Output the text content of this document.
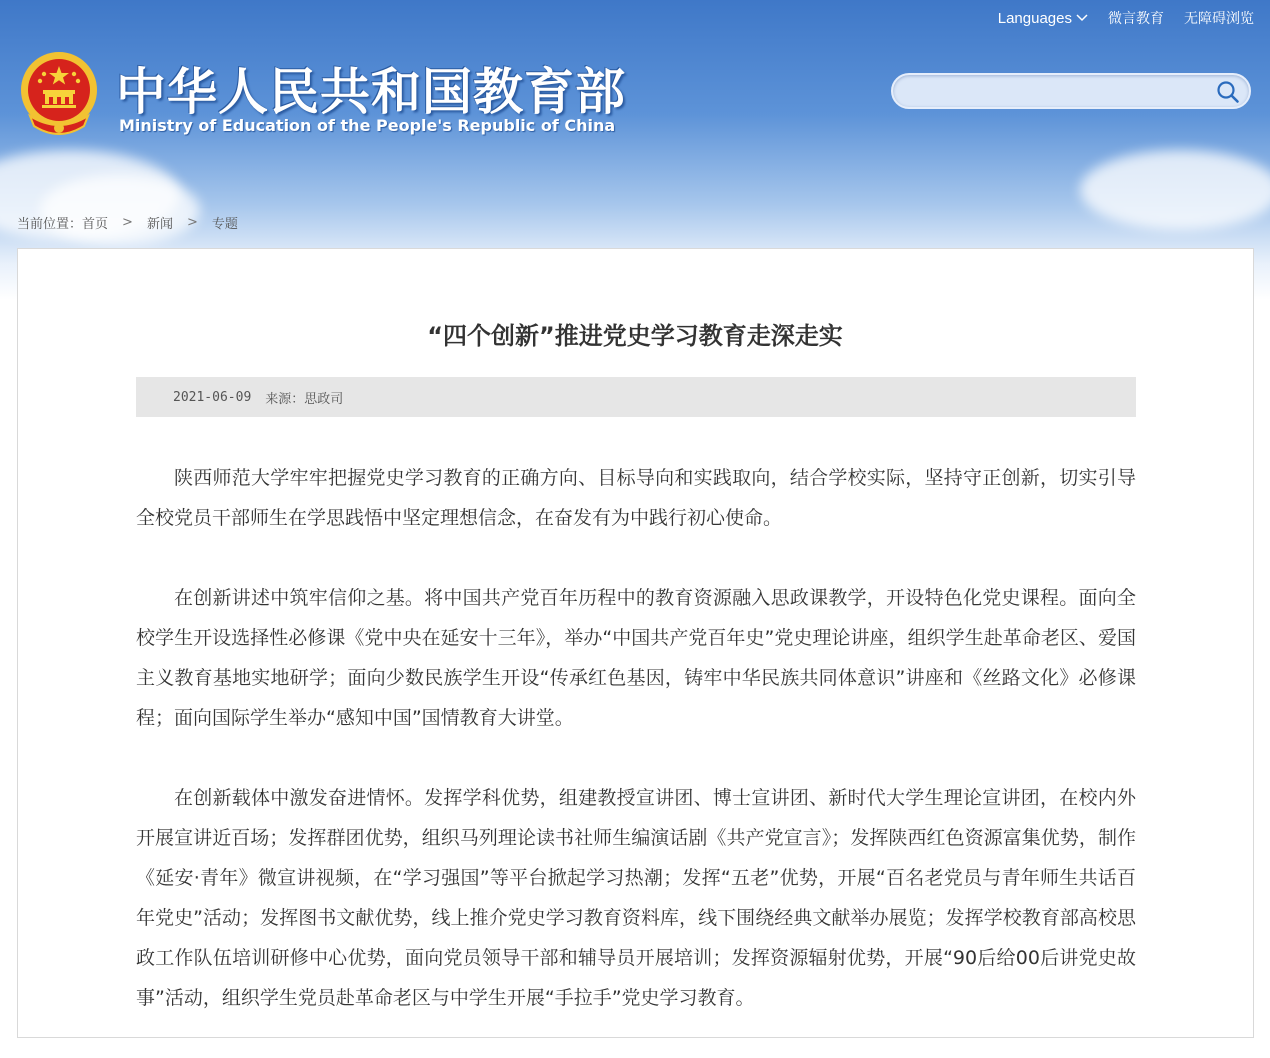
中华人民共和国教育部
Ministry of Education of the People's Republic of China
Languages	微言教育 无障碍浏览
当前位置： 首页 > 新闻 > 专题
“四个创新”推进党史学习教育走深走实
2021-06-09 来源：思政司

陕西师范大学牢牢把握党史学习教育的正确方向、目标导向和实践取向，结合学校实际，坚持守正创新，切实引导全校党员干部师生在学思践悟中坚定理想信念，在奋发有为中践行初心使命。

在创新讲述中筑牢信仰之基。将中国共产党百年历程中的教育资源融入思政课教学，开设特色化党史课程。面向全校学生开设选择性必修课《党中央在延安十三年》，举办“中国共产党百年史”党史理论讲座，组织学生赴革命老区、爱国主义教育基地实地研学；面向少数民族学生开设“传承红色基因，铸牢中华民族共同体意识”讲座和《丝路文化》必修课程；面向国际学生举办“感知中国”国情教育大讲堂。

在创新载体中激发奋进情怀。发挥学科优势，组建教授宣讲团、博士宣讲团、新时代大学生理论宣讲团，在校内外开展宣讲近百场；发挥群团优势，组织马列理论读书社师生编演话剧《共产党宣言》；发挥陕西红色资源富集优势，制作《延安·青年》微宣讲视频，在“学习强国”等平台掀起学习热潮；发挥“五老”优势，开展“百名老党员与青年师生共话百年党史”活动；发挥图书文献优势，线上推介党史学习教育资料库，线下围绕经典文献举办展览；发挥学校教育部高校思政工作队伍培训研修中心优势，面向党员领导干部和辅导员开展培训；发挥资源辐射优势，开展“90后给00后讲党史故事”活动，组织学生党员赴革命老区与中学生开展“手拉手”党史学习教育。
